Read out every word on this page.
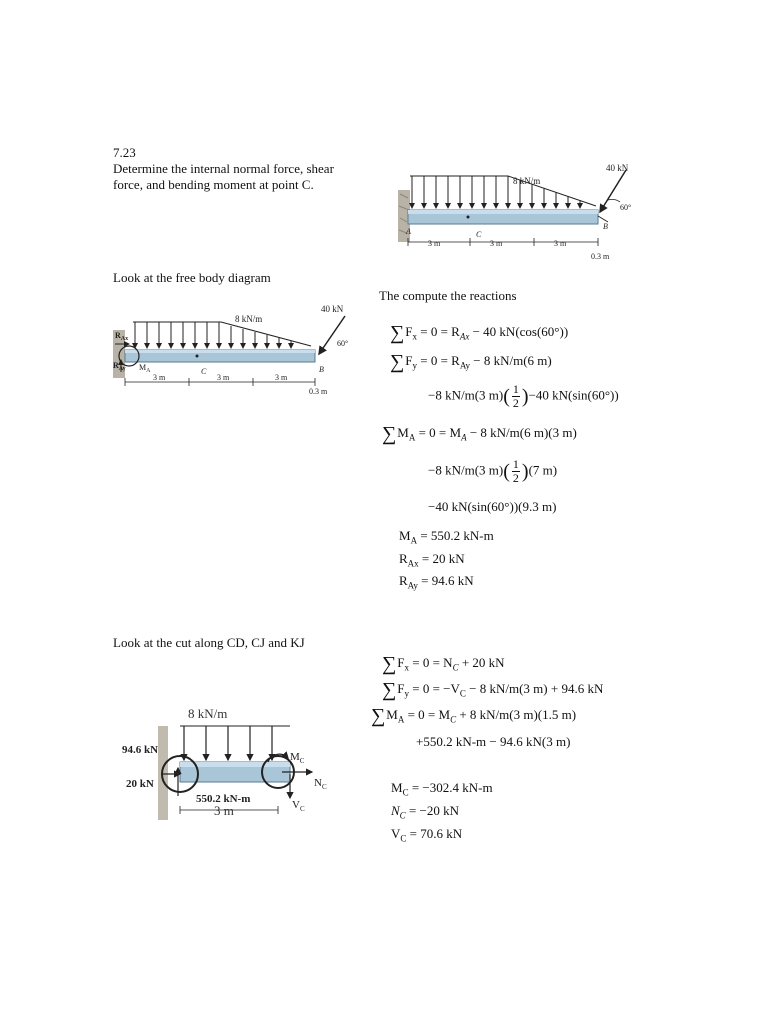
7.23
Determine the internal normal force, shear
force, and bending moment at point C.	8 kN/m
40 kN
60°
A
B
C
3 m	3 m	3 m
0.3 m
Look at the free body diagram
8 kN/m
40 kN
60°
$R_{Ax}$
$R_{Ay}$ $M_A$	B
C
3 m	3 m	3 m
0.3 m
The compute the reactions
$\sum F_x = 0 = R_{Ax} - 40$ kN(cos(60°))
$\sum F_y = 0 = R_{Ay} - 8$ kN/m(6 m)
−8 kN/m(3 $m)( \frac{1}{2} )-40$ kN(sin(60°))
$\sum M_A = 0 = M_A - 8$ kN/m(6 m)(3 m)
−8 kN/m(3 $m)( \frac{1}{2} )(7$ m)
−40 kN(sin(60°))(9.3 m)
$M_A = 550.2$ kN-m
$R_{Ax} = 20$ kN
$R_{Ay} = 94.6$ kN
Look at the cut along CD, CJ and KJ
$\sum F_x = 0 = N_C + 20$ kN
$\sum F_y = 0 = -V_C - 8$ kN/m(3 m) + 94.6 kN
$\sum M_A = 0 = M_C + 8$ kN/m(3 m)(1.5 m)
+550.2 kN-m − 94.6 kN(3 m)
$M_C = -302.4$ kN-m
$N_C = -20$ kN
$V_C = 70.6$ kN
8 kN/m
94.6 kN
20 kN
550.2 kN-m
3 m
$M_C$
$N_C$
$V_C$
